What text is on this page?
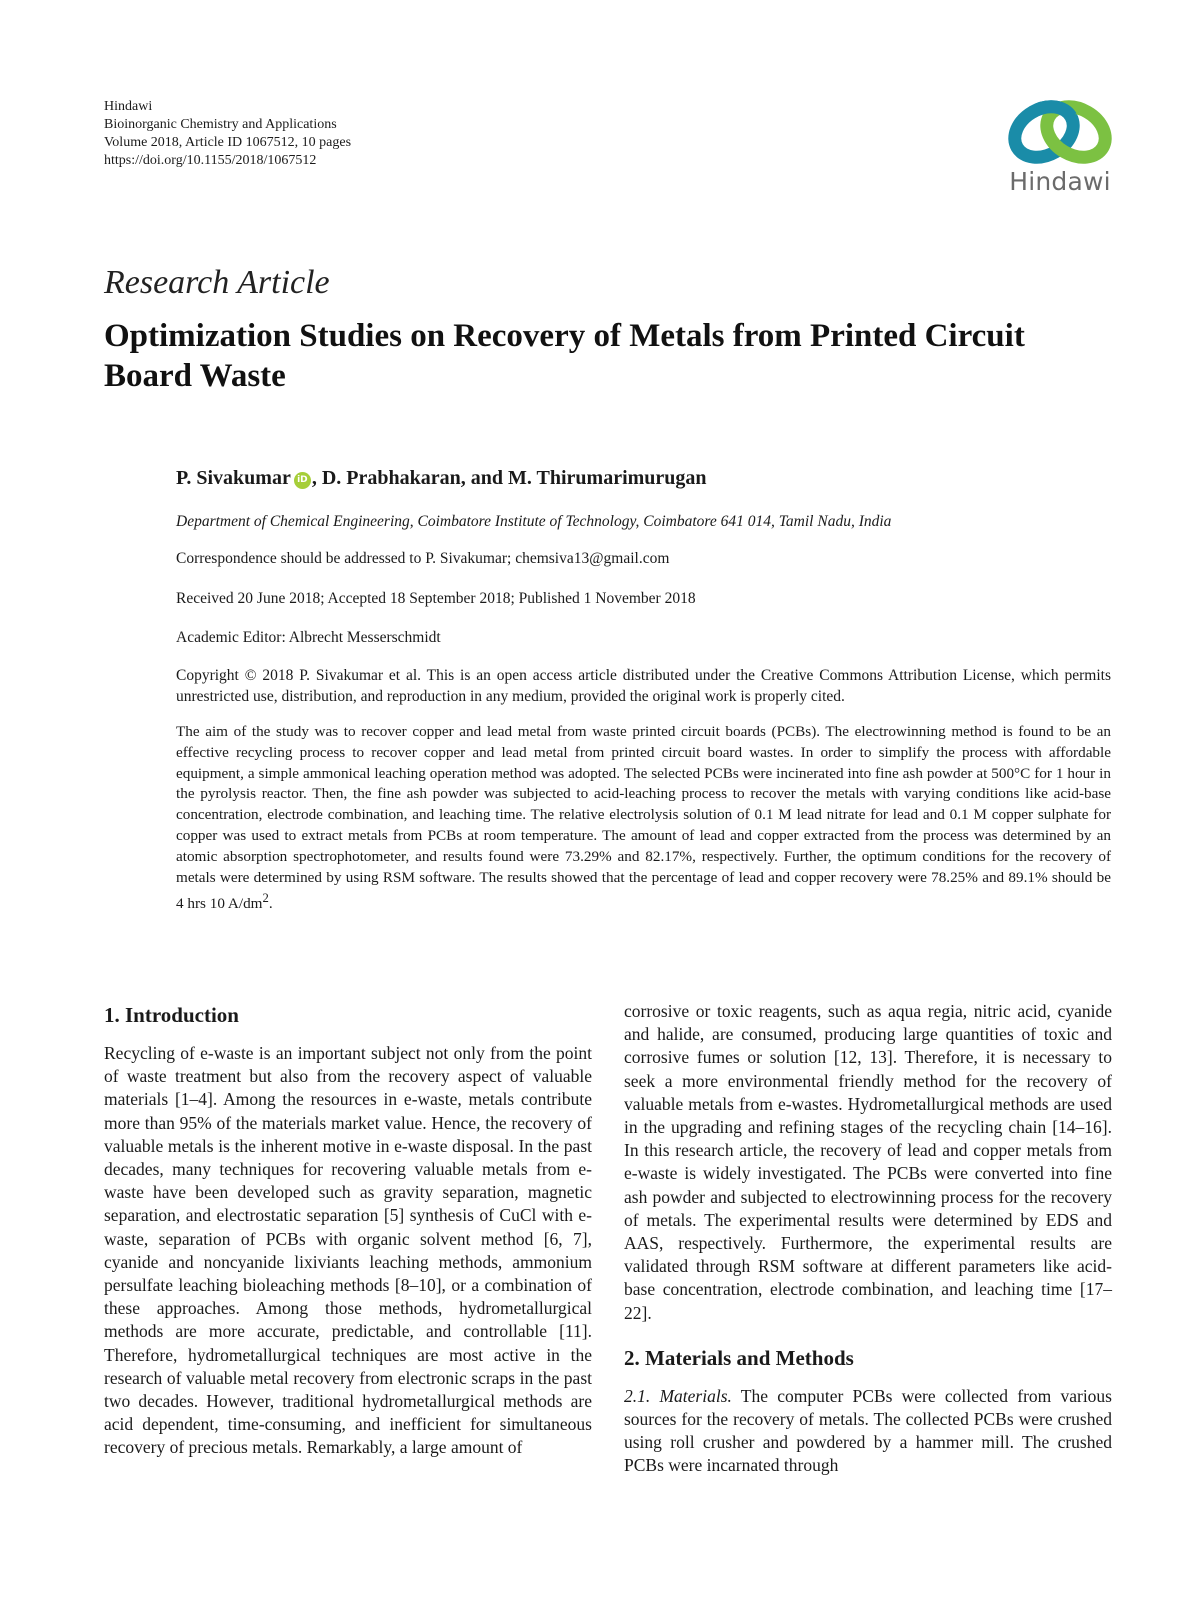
Hindawi
Bioinorganic Chemistry and Applications
Volume 2018, Article ID 1067512, 10 pages
https://doi.org/10.1155/2018/1067512
Hindawi
Research Article
Optimization Studies on Recovery of Metals from Printed Circuit Board Waste
P. Sivakumar iD , D. Prabhakaran, and M. Thirumarimurugan
Department of Chemical Engineering, Coimbatore Institute of Technology, Coimbatore 641 014, Tamil Nadu, India
Correspondence should be addressed to P. Sivakumar; chemsiva13@gmail.com
Received 20 June 2018; Accepted 18 September 2018; Published 1 November 2018
Academic Editor: Albrecht Messerschmidt
Copyright © 2018 P. Sivakumar et al. This is an open access article distributed under the Creative Commons Attribution License, which permits unrestricted use, distribution, and reproduction in any medium, provided the original work is properly cited.
The aim of the study was to recover copper and lead metal from waste printed circuit boards (PCBs). The electrowinning method is found to be an effective recycling process to recover copper and lead metal from printed circuit board wastes. In order to simplify the process with affordable equipment, a simple ammonical leaching operation method was adopted. The selected PCBs were incinerated into fine ash powder at 500°C for 1 hour in the pyrolysis reactor. Then, the fine ash powder was subjected to acid-leaching process to recover the metals with varying conditions like acid-base concentration, electrode combination, and leaching time. The relative electrolysis solution of 0.1 M lead nitrate for lead and 0.1 M copper sulphate for copper was used to extract metals from PCBs at room temperature. The amount of lead and copper extracted from the process was determined by an atomic absorption spectrophotometer, and results found were 73.29% and 82.17%, respectively. Further, the optimum conditions for the recovery of metals were determined by using RSM software. The results showed that the percentage of lead and copper recovery were 78.25% and 89.1% should be 4 hrs 10 $A/dm^2$.
1. Introduction

Recycling of e-waste is an important subject not only from the point of waste treatment but also from the recovery aspect of valuable materials [1–4]. Among the resources in e-waste, metals contribute more than 95% of the materials market value. Hence, the recovery of valuable metals is the inherent motive in e-waste disposal. In the past decades, many techniques for recovering valuable metals from e-waste have been developed such as gravity separation, magnetic separation, and electrostatic separation [5] synthesis of CuCl with e-waste, separation of PCBs with organic solvent method [6, 7], cyanide and noncyanide lixiviants leaching methods, ammonium persulfate leaching bioleaching methods [8–10], or a combination of these approaches. Among those methods, hydrometallurgical methods are more accurate, predictable, and controllable [11]. Therefore, hydrometallurgical techniques are most active in the research of valuable metal recovery from electronic scraps in the past two decades. However, traditional hydrometallurgical methods are acid dependent, time-consuming, and inefficient for simultaneous recovery of precious metals. Remarkably, a large amount of

corrosive or toxic reagents, such as aqua regia, nitric acid, cyanide and halide, are consumed, producing large quantities of toxic and corrosive fumes or solution [12, 13]. Therefore, it is necessary to seek a more environmental friendly method for the recovery of valuable metals from e-wastes. Hydrometallurgical methods are used in the upgrading and refining stages of the recycling chain [14–16]. In this research article, the recovery of lead and copper metals from e-waste is widely investigated. The PCBs were converted into fine ash powder and subjected to electrowinning process for the recovery of metals. The experimental results were determined by EDS and AAS, respectively. Furthermore, the experimental results are validated through RSM software at different parameters like acid-base concentration, electrode combination, and leaching time [17–22].

2. Materials and Methods

2.1. Materials. The computer PCBs were collected from various sources for the recovery of metals. The collected PCBs were crushed using roll crusher and powdered by a hammer mill. The crushed PCBs were incarnated through
